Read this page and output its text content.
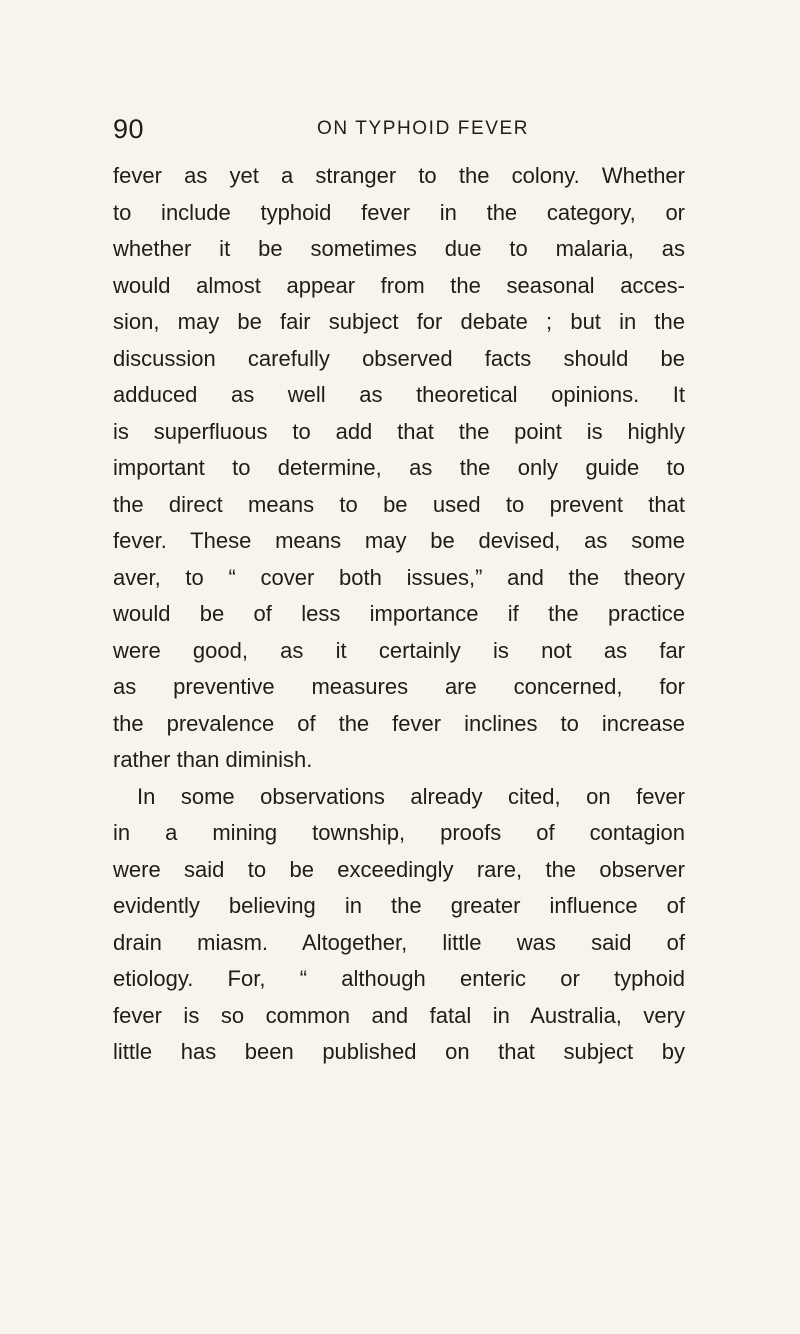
90	ON TYPHOID FEVER
fever as yet a stranger to the colony. Whether
to include typhoid fever in the category, or
whether it be sometimes due to malaria, as
would almost appear from the seasonal acces-
sion, may be fair subject for debate ; but in the
discussion carefully observed facts should be
adduced as well as theoretical opinions. It
is superfluous to add that the point is highly
important to determine, as the only guide to
the direct means to be used to prevent that
fever. These means may be devised, as some
aver, to “ cover both issues,” and the theory
would be of less importance if the practice
were good, as it certainly is not as far
as preventive measures are concerned, for
the prevalence of the fever inclines to increase
rather than diminish.
In some observations already cited, on fever
in a mining township, proofs of contagion
were said to be exceedingly rare, the observer
evidently believing in the greater influence of
drain miasm. Altogether, little was said of
etiology. For, “ although enteric or typhoid
fever is so common and fatal in Australia, very
little has been published on that subject by
